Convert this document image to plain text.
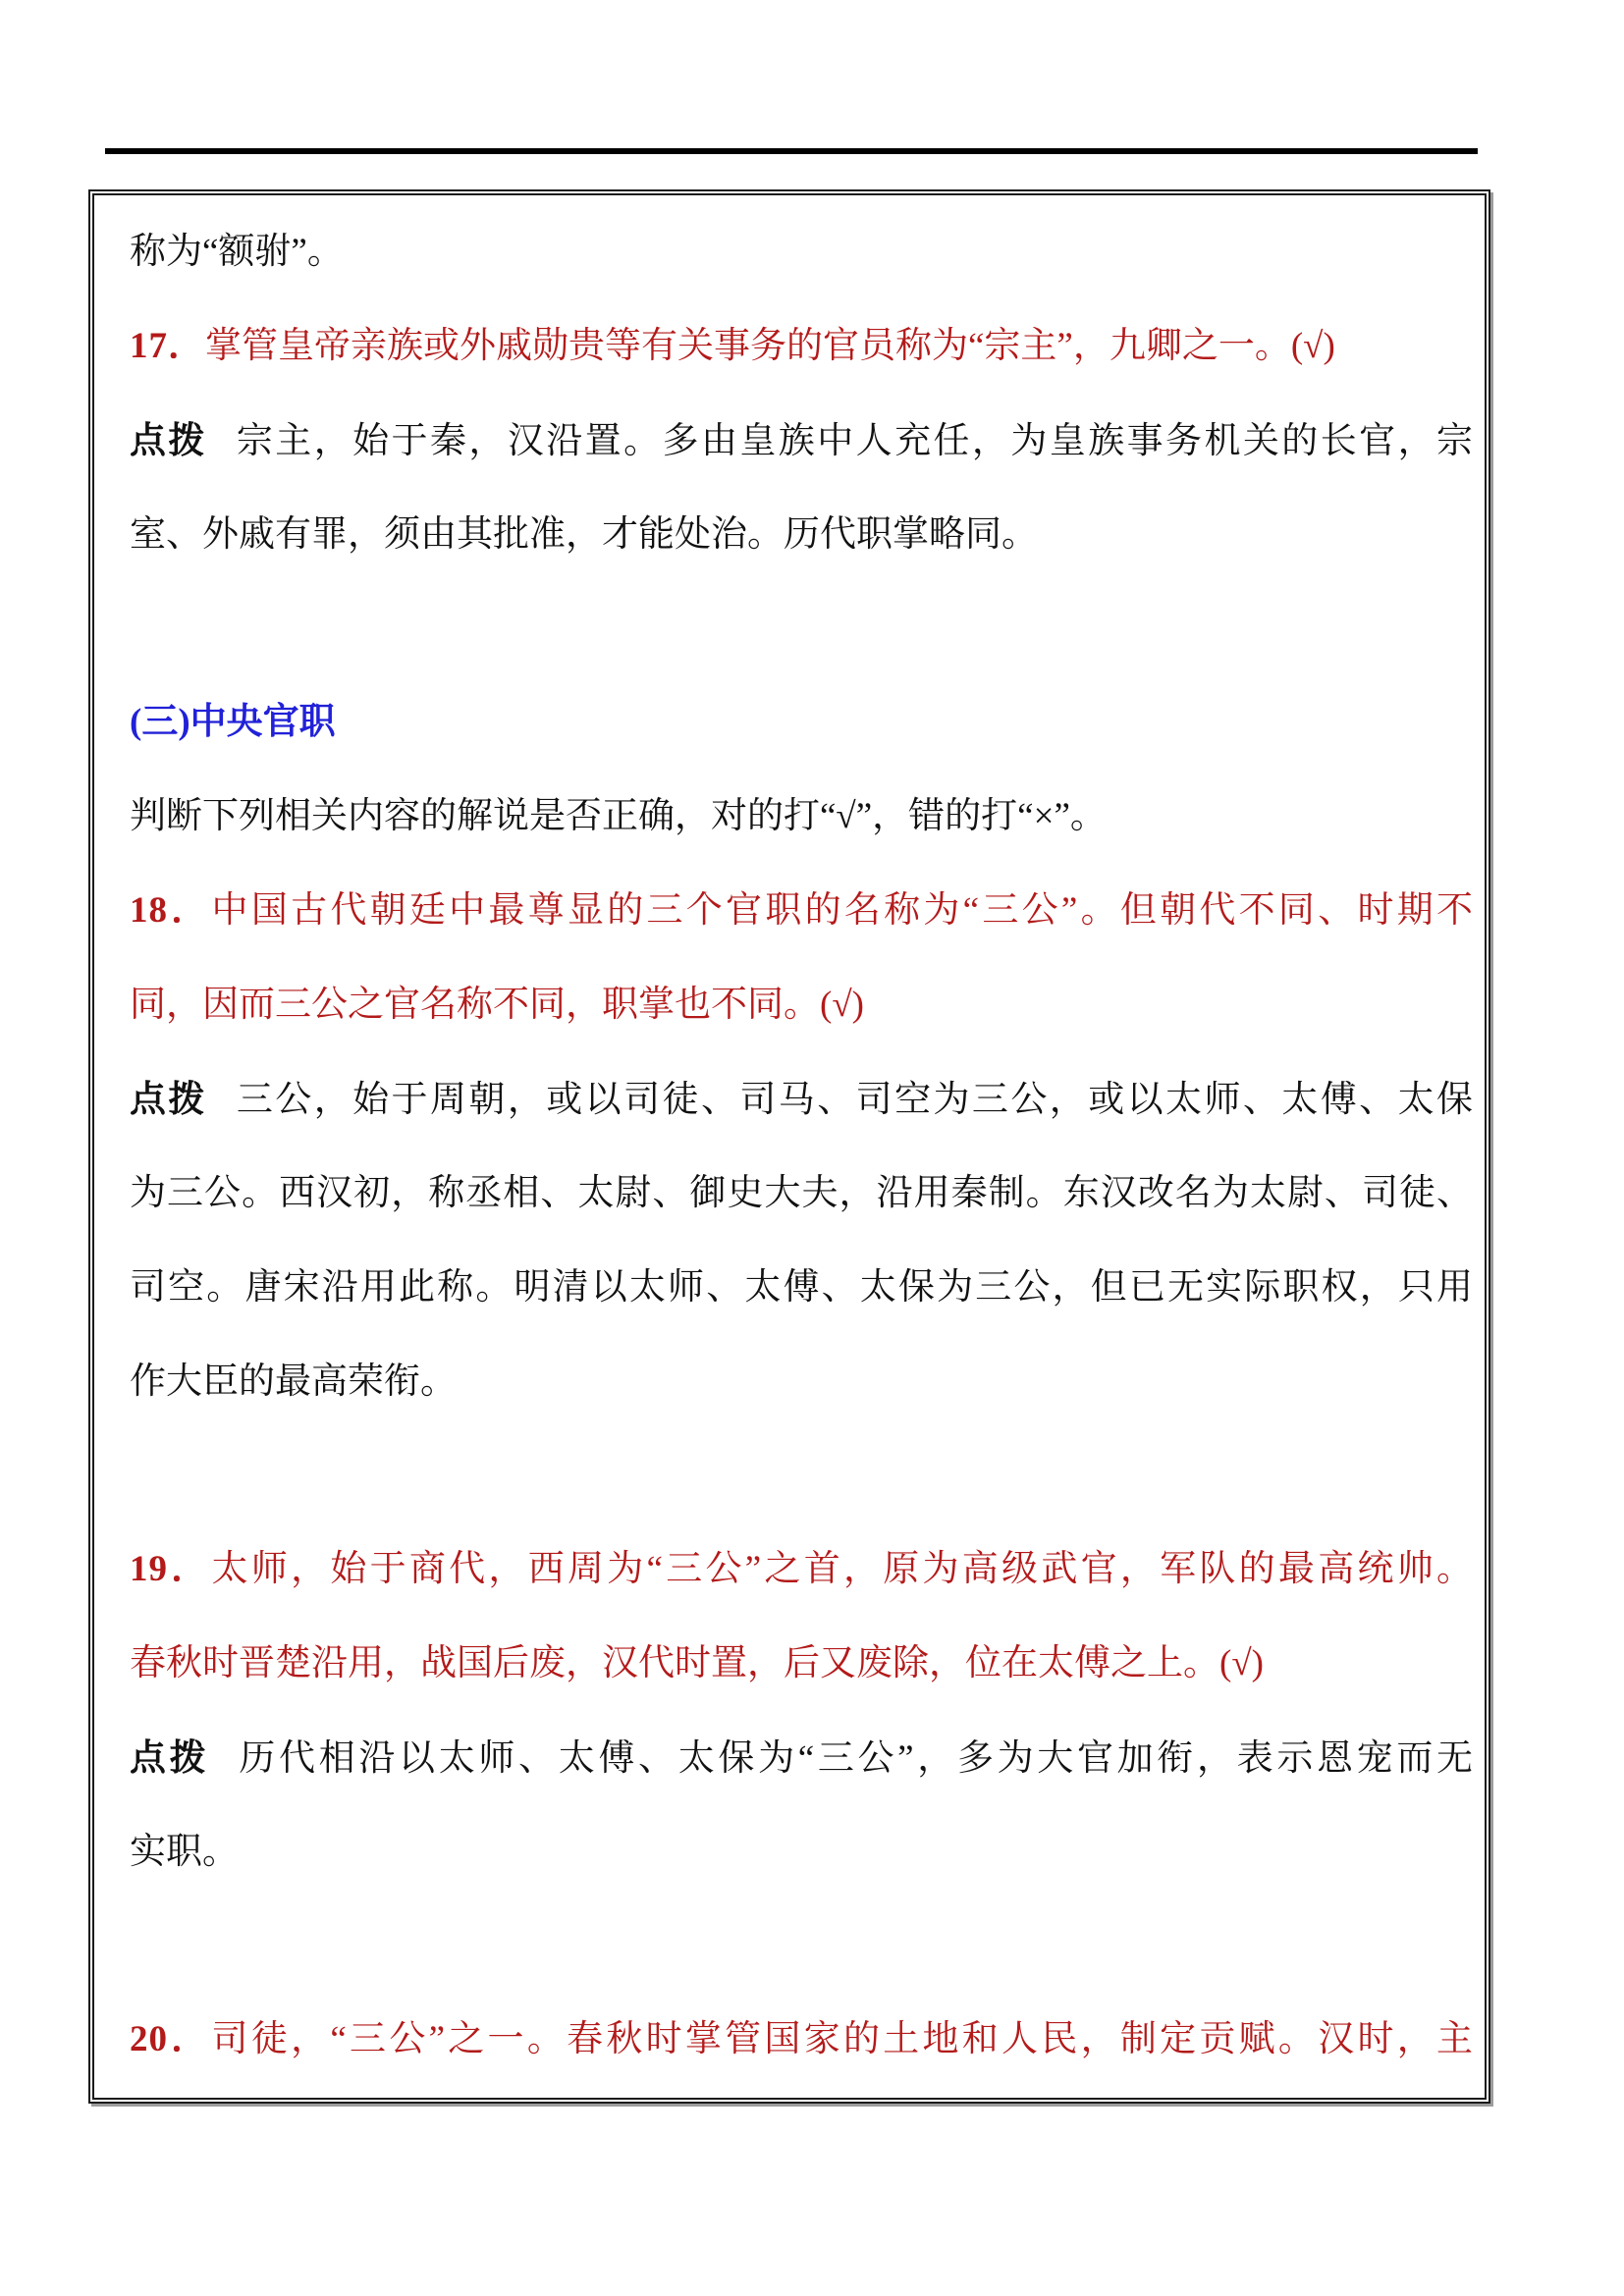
称为“额驸”。
17．掌管皇帝亲族或外戚勋贵等有关事务的官员称为“宗主”，九卿之一。(√)
点拨 宗主，始于秦，汉沿置。多由皇族中人充任，为皇族事务机关的长官，宗
室、外戚有罪，须由其批准，才能处治。历代职掌略同。
(三)中央官职
判断下列相关内容的解说是否正确，对的打“√”，错的打“×”。
18．中国古代朝廷中最尊显的三个官职的名称为“三公”。但朝代不同、时期不
同，因而三公之官名称不同，职掌也不同。(√)
点拨 三公，始于周朝，或以司徒、司马、司空为三公，或以太师、太傅、太保
为三公。西汉初，称丞相、太尉、御史大夫，沿用秦制。东汉改名为太尉、司徒、
司空。唐宋沿用此称。明清以太师、太傅、太保为三公，但已无实际职权，只用
作大臣的最高荣衔。
19．太师，始于商代，西周为“三公”之首，原为高级武官，军队的最高统帅。
春秋时晋楚沿用，战国后废，汉代时置，后又废除，位在太傅之上。(√)
点拨 历代相沿以太师、太傅、太保为“三公”，多为大官加衔，表示恩宠而无
实职。
20．司徒，“三公”之一。春秋时掌管国家的土地和人民，制定贡赋。汉时，主
